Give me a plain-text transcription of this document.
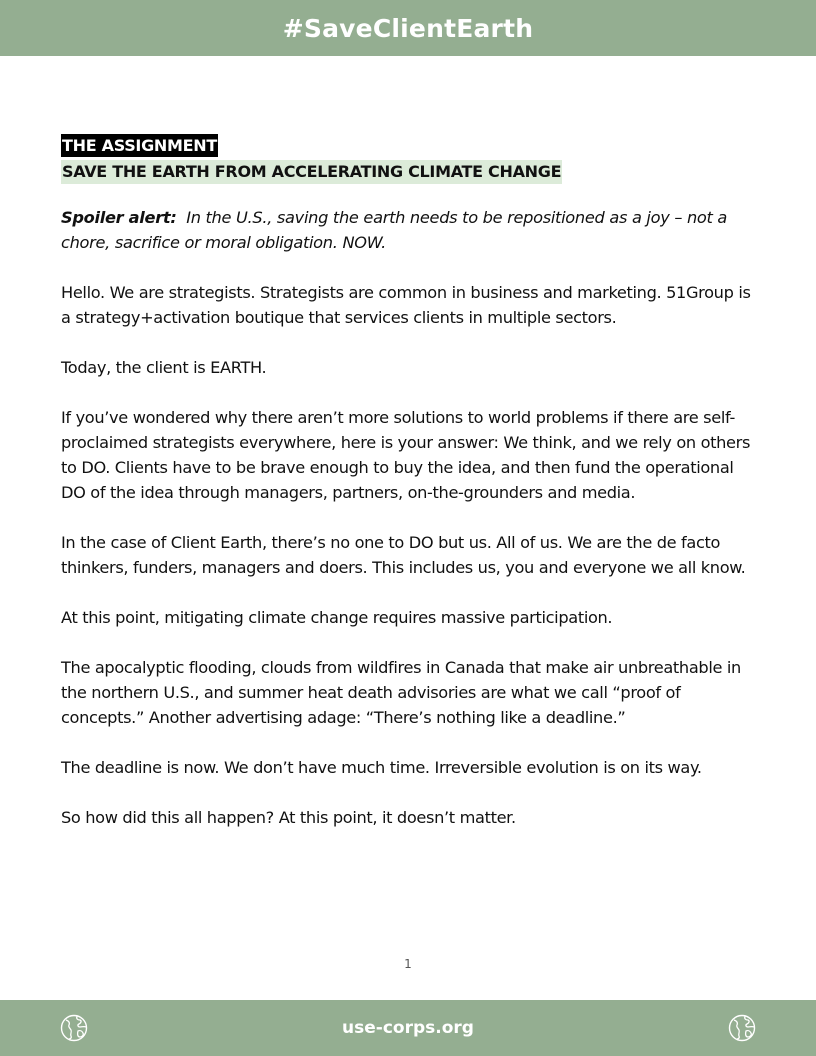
#SaveClientEarth
THE ASSIGNMENT
SAVE THE EARTH FROM ACCELERATING CLIMATE CHANGE

Spoiler alert: In the U.S., saving the earth needs to be repositioned as a joy – not a chore, sacrifice or moral obligation. NOW.

Hello. We are strategists. Strategists are common in business and marketing. 51Group is a strategy+activation boutique that services clients in multiple sectors.

Today, the client is EARTH.

If you’ve wondered why there aren’t more solutions to world problems if there are self-proclaimed strategists everywhere, here is your answer: We think, and we rely on others to DO. Clients have to be brave enough to buy the idea, and then fund the operational DO of the idea through managers, partners, on-the-grounders and media.

In the case of Client Earth, there’s no one to DO but us. All of us. We are the de facto thinkers, funders, managers and doers. This includes us, you and everyone we all know.

At this point, mitigating climate change requires massive participation.

The apocalyptic flooding, clouds from wildfires in Canada that make air unbreathable in the northern U.S., and summer heat death advisories are what we call “proof of concepts.” Another advertising adage: “There’s nothing like a deadline.”

The deadline is now. We don’t have much time. Irreversible evolution is on its way.

So how did this all happen? At this point, it doesn’t matter.

1
use-corps.org
